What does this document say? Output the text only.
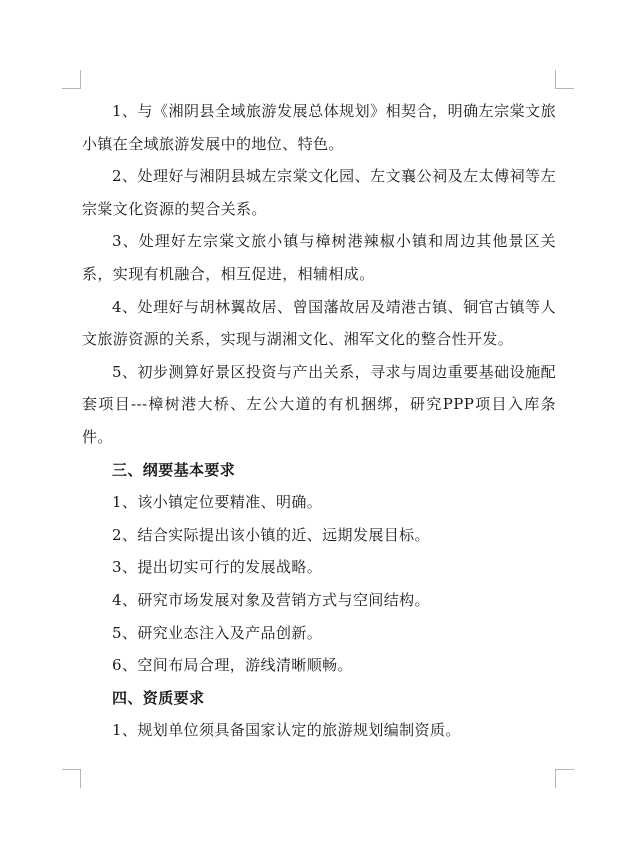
1、与《湘阴县全域旅游发展总体规划》相契合，明确左宗棠文旅小镇在全域旅游发展中的地位、特色。

2、处理好与湘阴县城左宗棠文化园、左文襄公祠及左太傅祠等左宗棠文化资源的契合关系。

3、处理好左宗棠文旅小镇与樟树港辣椒小镇和周边其他景区关系，实现有机融合，相互促进，相辅相成。

4、处理好与胡林翼故居、曾国藩故居及靖港古镇、铜官古镇等人文旅游资源的关系，实现与湖湘文化、湘军文化的整合性开发。

5、初步测算好景区投资与产出关系，寻求与周边重要基础设施配套项目---樟树港大桥、左公大道的有机捆绑，研究PPP项目入库条件。

三、纲要基本要求

1、该小镇定位要精准、明确。

2、结合实际提出该小镇的近、远期发展目标。

3、提出切实可行的发展战略。

4、研究市场发展对象及营销方式与空间结构。

5、研究业态注入及产品创新。

6、空间布局合理，游线清晰顺畅。

四、资质要求

1、规划单位须具备国家认定的旅游规划编制资质。
